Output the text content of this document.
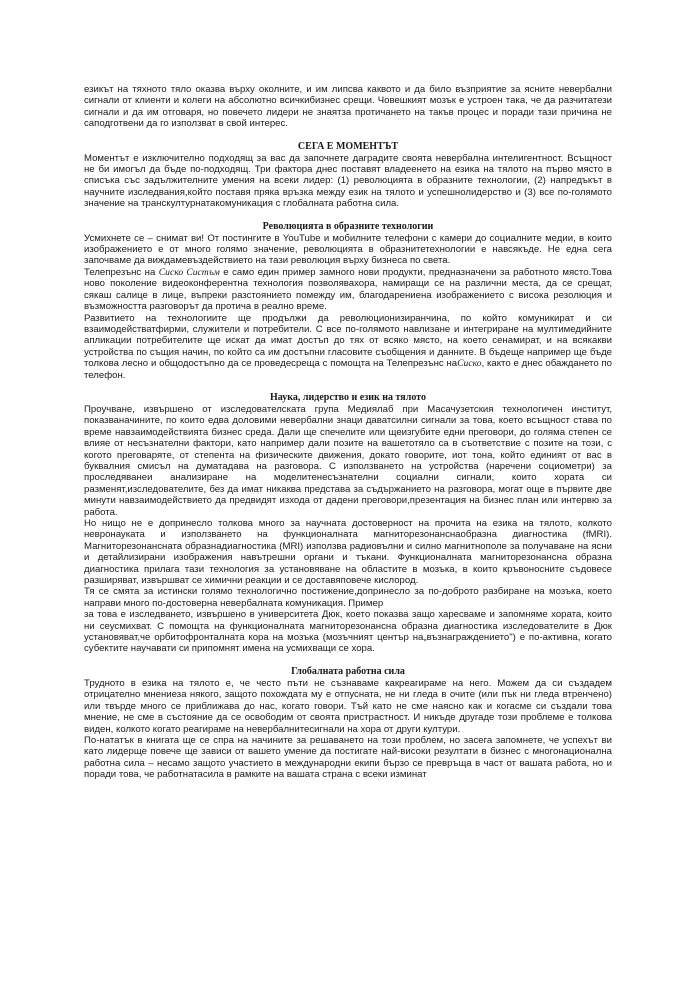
езикът на тяхното тяло оказва върху околните, и им липсва каквото и да било възприятие за ясните невербални сигнали от клиенти и колеги на абсолютно всичкибизнес срещи. Човешкият мозък е устроен така, че да разчитатези сигнали и да им отговаря, но повечето лидери не знаятза протичането на такъв процес и поради тази причина не саподготвени да го използват в свой интерес.

СЕГА Е МОМЕНТЪТ

Моментът е изключително подходящ за вас да започнете дагрaдите своята невербална интелигентност. Всъщност не би имогъл да бъде по-подходящ. Три фактора днес поставят владеенето на езика на тялото на първо място в списъка със задължителните умения на всеки лидер: (1) революцията в образните технологии, (2) напредъкът в научните изследвания,който поставя пряка връзка между език на тялото и успешнолидерство и (3) все по-голямото значение на транскултурнатакомуникация с глобалната работна сила.

Революцията в образните технологии

Усмихнете се – снимат ви! От постингите в YouTube и мобилните телефони с камери до социалните медии, в които изображението е от много голямо значение, революцията в образнитетехнологии е навсякъде. Не една сега започваме да виждамевъздействието на тази революция върху бизнеса по света.

Телепрезънс на Сиско Систъм е само един пример замного нови продукти, предназначени за работното място.Това ново поколение видеоконферентна технология позволявахора, намиращи се на различни места, да се срещат, сякаш салице в лице, въпреки разстоянието помежду им, благодарениена изображението с висока резолюция и възможността разговорът да протича в реално време.

Развитието на технологиите ще продължи да революционизиранчина, по който комуникират и си взаимодействатфирми, служители и потребители. С все по-голямото навлизане и интегриране на мултимедийните апликации потребителите ще искат да имат достъп до тях от всяко място, на което сенамират, и на всякакви устройства по същия начин, по който са им достъпни гласовите съобщения и данните. В бъдеще например ще бъде толкова лесно и общодостъпно да се проведесреща с помощта на Телепрезънс наСиско, както е днес обаждането по телефон.

Наука, лидерство и език на тялото

Проучване, извършено от изследователската група Медиялаб при Масачузетския технологичен институт, показваначините, по които едва доловими невербални знаци даватсилни сигнали за това, което всъщност става по време навзаимодействията бизнес среда. Дали ще спечелите или щеизгубите едни преговори, до голяма степен се влияе от несъзнателни фактори, като например дали позите на вашетотяло са в съответствие с позите на този, с когото преговаряте, от степента на физическите движения, докато говорите, иот тона, който единият от вас в буквалния смисъл на думатадава на разговора. С използването на устройства (наречени социометри) за проследяванеи анализиране на моделитенесъзнателни социални сигнали, които хората си разменят,изследователите, без да имат никаква представа за съдържанието на разговора, могат още в първите две минути навзаимодействието да предвидят изхода от дадени преговори,презентация на бизнес план или интервю за работа.

Но нищо не е допринесло толкова много за научната достоверност на прочита на езика на тялото, колкото невронауката и използването на функционалната магниторезонанснаобразна диагностика (fMRI). Магниторезонансната образнадиагностика (MRI) използва радиовълни и силно магнитнополе за получаване на ясни и детайлизирани изображения навътрешни органи и тъкани. Функционалната магниторезонансна образна диагностика прилага тази технология за установяване на областите в мозъка, в които кръвоносните съдовесе разширяват, извършват се химични реакции и се доставяповече кислород.

Тя се смята за истински голямо технологично постижение,допринесло за по-доброто разбиране на мозъка, което направи много по-достоверна невербалната комуникация. Пример

за това е изследването, извършено в университета Дюк, което показва защо харесваме и запомняме хората, които ни сеусмихват. С помощта на функционалната магниторезонансна образна диагностика изследователите в Дюк установяват,че орбитофронталната кора на мозъка (мозъчният център на„възнаграждението") е по-активна, когато субектите научавати си припомнят имена на усмихващи се хора.

Глобалната работна сила

Трудното в езика на тялото е, че често пъти не съзнаваме какреагираме на него. Можем да си създадем отрицателно мнениеза някого, защото похождата му е отпусната, не ни гледа в очите (или пък ни гледа втренчено) или твърде много се приближава до нас, когато говори. Тъй като не сме наясно как и когасме си създали това мнение, не сме в състояние да се освободим от своята пристрастност. И никъде другаде този проблеме е толкова виден, колкото когато реагираме на невербалнитесигнали на хора от други култури.

По-нататък в книгата ще се спра на начините за решаването на този проблем, но засега запомнете, че успехът ви като лидерще повече ще зависи от вашето умение да постигате най-високи резултати в бизнес с многонационална работна сила – несамо защото участието в международни екипи бързо се превръща в част от вашата работа, но и поради това, че работнатасила в рамките на вашата страна с всеки изминат
